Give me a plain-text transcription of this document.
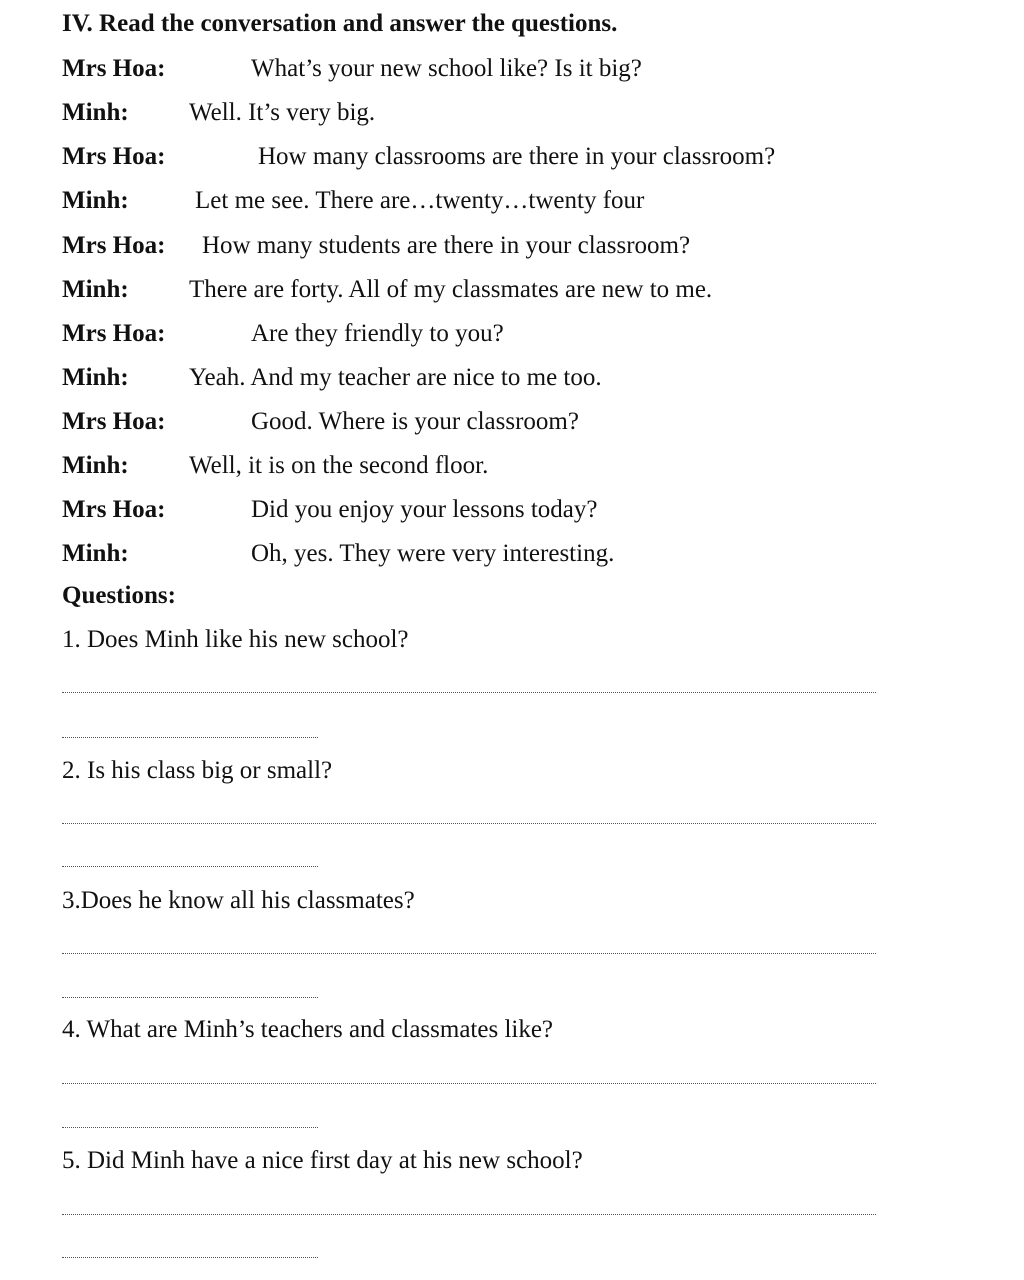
IV. Read the conversation and answer the questions.
Mrs Hoa:	What’s your new school like? Is it big?
Minh: Well. It’s very big.
Mrs Hoa:	How many classrooms are there in your classroom?
Minh:	Let me see. There are…twenty…twenty four
Mrs Hoa: How many students are there in your classroom?
Minh: There are forty. All of my classmates are new to me.
Mrs Hoa:	Are they friendly to you?
Minh: Yeah. And my teacher are nice to me too.
Mrs Hoa:	Good. Where is your classroom?
Minh: Well, it is on the second floor.
Mrs Hoa:	Did you enjoy your lessons today?
Minh:	Oh, yes. They were very interesting.
Questions:
1. Does Minh like his new school?
2. Is his class big or small?
3.Does he know all his classmates?
4. What are Minh’s teachers and classmates like?
5. Did Minh have a nice first day at his new school?
